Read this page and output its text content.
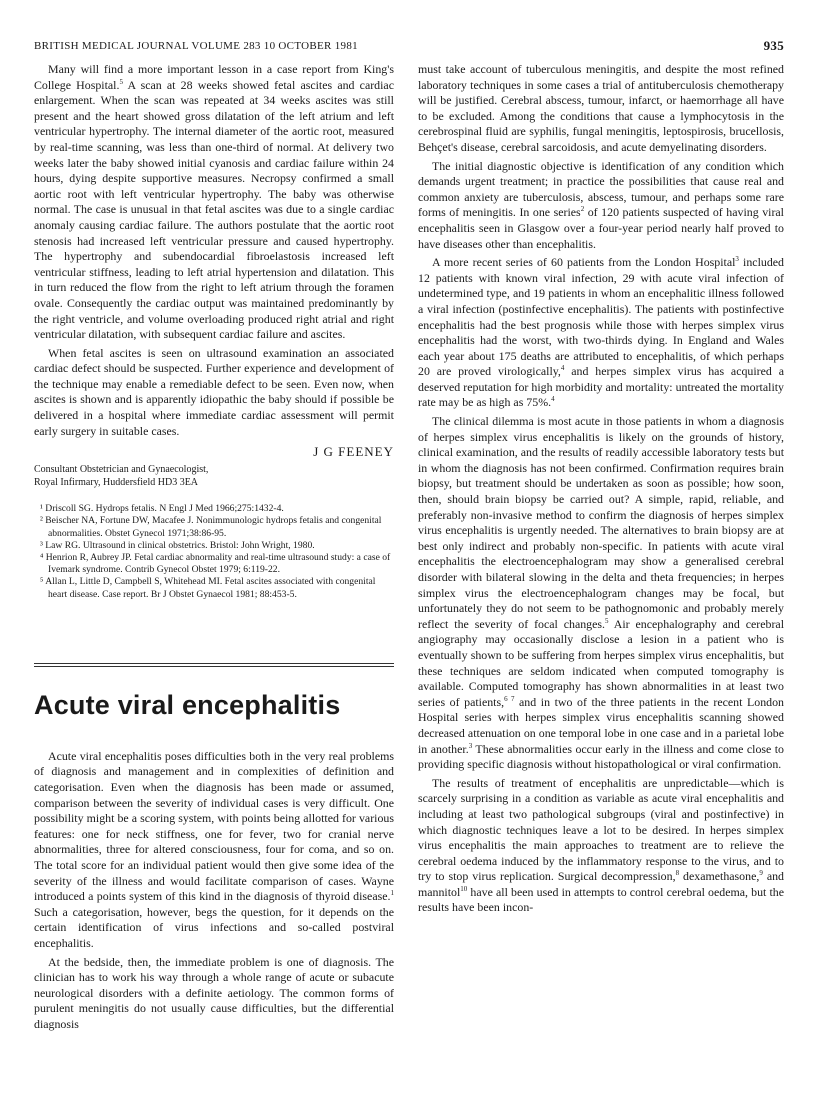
BRITISH MEDICAL JOURNAL VOLUME 283 10 OCTOBER 1981	935

Many will find a more important lesson in a case report from King's College Hospital.$^5$ A scan at 28 weeks showed fetal ascites and cardiac enlargement. When the scan was repeated at 34 weeks ascites was still present and the heart showed gross dilatation of the left atrium and left ventricular hypertrophy. The internal diameter of the aortic root, measured by real-time scanning, was less than one-third of normal. At delivery two weeks later the baby showed initial cyanosis and cardiac failure within 24 hours, dying despite supportive measures. Necropsy confirmed a small aortic root with left ventricular hypertrophy. The baby was otherwise normal. The case is unusual in that fetal ascites was due to a single cardiac anomaly causing cardiac failure. The authors postulate that the aortic root stenosis had increased left ventricular pressure and caused hypertrophy. The hypertrophy and subendocardial fibroelastosis increased left ventricular stiffness, leading to left atrial hypertension and dilatation. This in turn reduced the flow from the right to left atrium through the foramen ovale. Consequently the cardiac output was maintained predominantly by the right ventricle, and volume overloading produced right atrial and right ventricular dilatation, with subsequent cardiac failure and ascites.

When fetal ascites is seen on ultrasound examination an associated cardiac defect should be suspected. Further experience and development of the technique may enable a remediable defect to be seen. Even now, when ascites is shown and is apparently idiopathic the baby should if possible be delivered in a hospital where immediate cardiac assessment will permit early surgery in suitable cases.

J G FEENEY

Consultant Obstetrician and Gynaecologist,

Royal Infirmary, Huddersfield HD3 3EA

¹ Driscoll SG. Hydrops fetalis. N Engl J Med 1966;275:1432-4.
² Beischer NA, Fortune DW, Macafee J. Nonimmunologic hydrops fetalis and congenital abnormalities. Obstet Gynecol 1971;38:86-95.
³ Law RG. Ultrasound in clinical obstetrics. Bristol: John Wright, 1980.
⁴ Henrion R, Aubrey JP. Fetal cardiac abnormality and real-time ultrasound study: a case of Ivemark syndrome. Contrib Gynecol Obstet 1979; 6:119-22.
⁵ Allan L, Little D, Campbell S, Whitehead MI. Fetal ascites associated with congenital heart disease. Case report. Br J Obstet Gynaecol 1981; 88:453-5.
Acute viral encephalitis

Acute viral encephalitis poses difficulties both in the very real problems of diagnosis and management and in complexities of definition and categorisation. Even when the diagnosis has been made or assumed, comparison between the severity of individual cases is very difficult. One possibility might be a scoring system, with points being allotted for various features: one for neck stiffness, one for fever, two for cranial nerve abnormalities, three for altered consciousness, four for coma, and so on. The total score for an individual patient would then give some idea of the severity of the illness and would facilitate comparison of cases. Wayne introduced a points system of this kind in the diagnosis of thyroid disease.$^1$ Such a categorisation, however, begs the question, for it depends on the certain identification of virus infections and so-called postviral encephalitis.

At the bedside, then, the immediate problem is one of diagnosis. The clinician has to work his way through a whole range of acute or subacute neurological disorders with a definite aetiology. The common forms of purulent meningitis do not usually cause difficulties, but the differential diagnosis

must take account of tuberculous meningitis, and despite the most refined laboratory techniques in some cases a trial of antituberculosis chemotherapy will be justified. Cerebral abscess, tumour, infarct, or haemorrhage all have to be excluded. Among the conditions that cause a lymphocytosis in the cerebrospinal fluid are syphilis, fungal meningitis, leptospirosis, brucellosis, Behçet's disease, cerebral sarcoidosis, and acute demyelinating disorders.

The initial diagnostic objective is identification of any condition which demands urgent treatment; in practice the possibilities that cause real and common anxiety are tuberculosis, abscess, tumour, and perhaps some rare forms of meningitis. In one series$^2$ of 120 patients suspected of having viral encephalitis seen in Glasgow over a four-year period nearly half proved to have diseases other than encephalitis.

A more recent series of 60 patients from the London Hospital$^3$ included 12 patients with known viral infection, 29 with acute viral infection of undetermined type, and 19 patients in whom an encephalitic illness followed a viral infection (postinfective encephalitis). The patients with postinfective encephalitis had the best prognosis while those with herpes simplex virus encephalitis had the worst, with two-thirds dying. In England and Wales each year about 175 deaths are attributed to encephalitis, of which perhaps 20 are proved virologically,$^4$ and herpes simplex virus has acquired a deserved reputation for high morbidity and mortality: untreated the mortality rate may be as high as 75%.$^4$

The clinical dilemma is most acute in those patients in whom a diagnosis of herpes simplex virus encephalitis is likely on the grounds of history, clinical examination, and the results of readily accessible laboratory tests but in whom the diagnosis has not been confirmed. Confirmation requires brain biopsy, but treatment should be undertaken as soon as possible; how soon, then, should brain biopsy be carried out? A simple, rapid, reliable, and preferably non-invasive method to confirm the diagnosis of herpes simplex virus encephalitis is urgently needed. The alternatives to brain biopsy are at best only indirect and probably non-specific. In patients with acute viral encephalitis the electroencephalogram may show a generalised cerebral disorder with bilateral slowing in the delta and theta frequencies; in herpes simplex virus the electroencephalogram changes may be focal, but unfortunately they do not seem to be pathognomonic and probably merely reflect the severity of focal changes.$^5$ Air encephalography and cerebral angiography may occasionally disclose a lesion in a patient who is eventually shown to be suffering from herpes simplex virus encephalitis, but these techniques are seldom indicated when computed tomography is available. Computed tomography has shown abnormalities in at least two series of patients,$^{6 7}$ and in two of the three patients in the recent London Hospital series with herpes simplex virus encephalitis scanning showed decreased attenuation on one temporal lobe in one case and in a parietal lobe in another.$^3$ These abnormalities occur early in the illness and come close to providing specific diagnosis without histopathological or viral confirmation.

The results of treatment of encephalitis are unpredictable—which is scarcely surprising in a condition as variable as acute viral encephalitis and including at least two pathological subgroups (viral and postinfective) in which diagnostic techniques leave a lot to be desired. In herpes simplex virus encephalitis the main approaches to treatment are to relieve the cerebral oedema induced by the inflammatory response to the virus, and to try to stop virus replication. Surgical decompression,$^8$ dexamethasone,$^9$ and mannitol$^{10}$ have all been used in attempts to control cerebral oedema, but the results have been incon-
